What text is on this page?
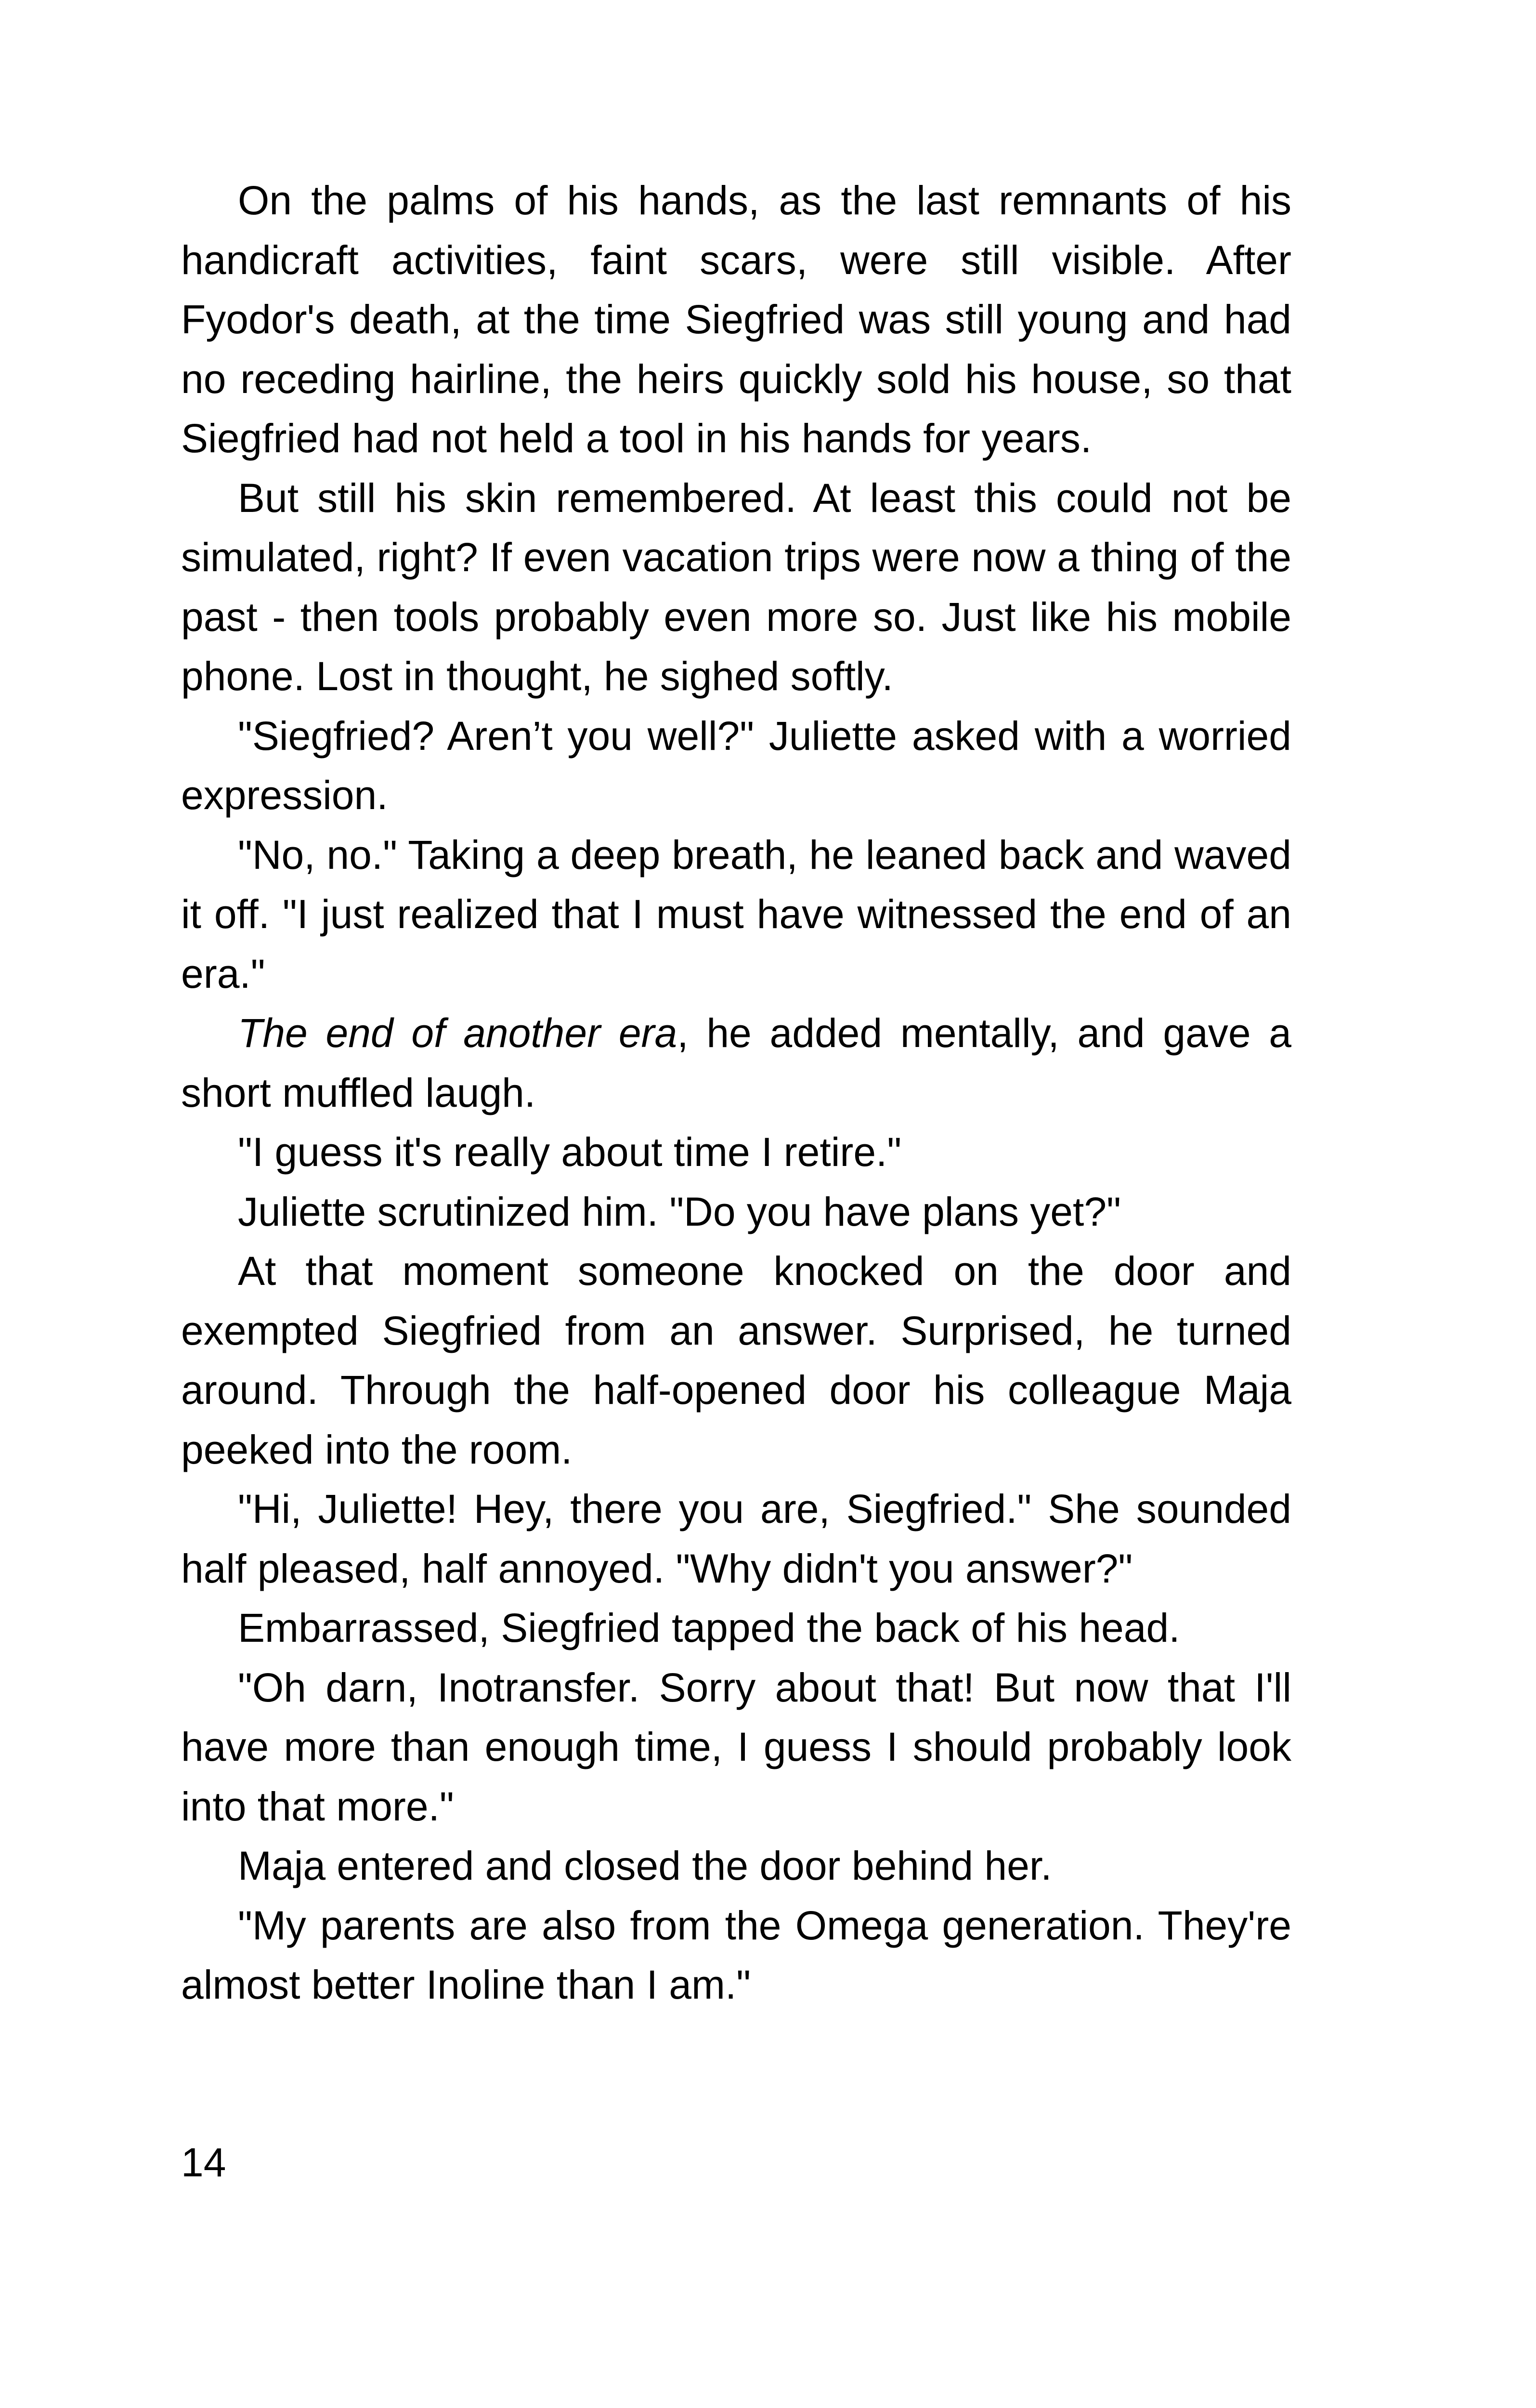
On the palms of his hands, as the last remnants of his handicraft activities, faint scars, were still visible. After Fyodor's death, at the time Siegfried was still young and had no receding hairline, the heirs quickly sold his house, so that Siegfried had not held a tool in his hands for years.

But still his skin remembered. At least this could not be simulated, right? If even vacation trips were now a thing of the past - then tools probably even more so. Just like his mobile phone. Lost in thought, he sighed softly.

"Siegfried? Aren’t you well?" Juliette asked with a worried expression.

"No, no." Taking a deep breath, he leaned back and waved it off. "I just realized that I must have witnessed the end of an era."

The end of another era, he added mentally, and gave a short muffled laugh.

"I guess it's really about time I retire."

Juliette scrutinized him. "Do you have plans yet?"

At that moment someone knocked on the door and exempted Siegfried from an answer. Surprised, he turned around. Through the half-opened door his colleague Maja peeked into the room.

"Hi, Juliette! Hey, there you are, Siegfried." She sounded half pleased, half annoyed. "Why didn't you answer?"

Embarrassed, Siegfried tapped the back of his head.

"Oh darn, Inotransfer. Sorry about that! But now that I'll have more than enough time, I guess I should probably look into that more."

Maja entered and closed the door behind her.

"My parents are also from the Omega generation. They're almost better Inoline than I am."

14
